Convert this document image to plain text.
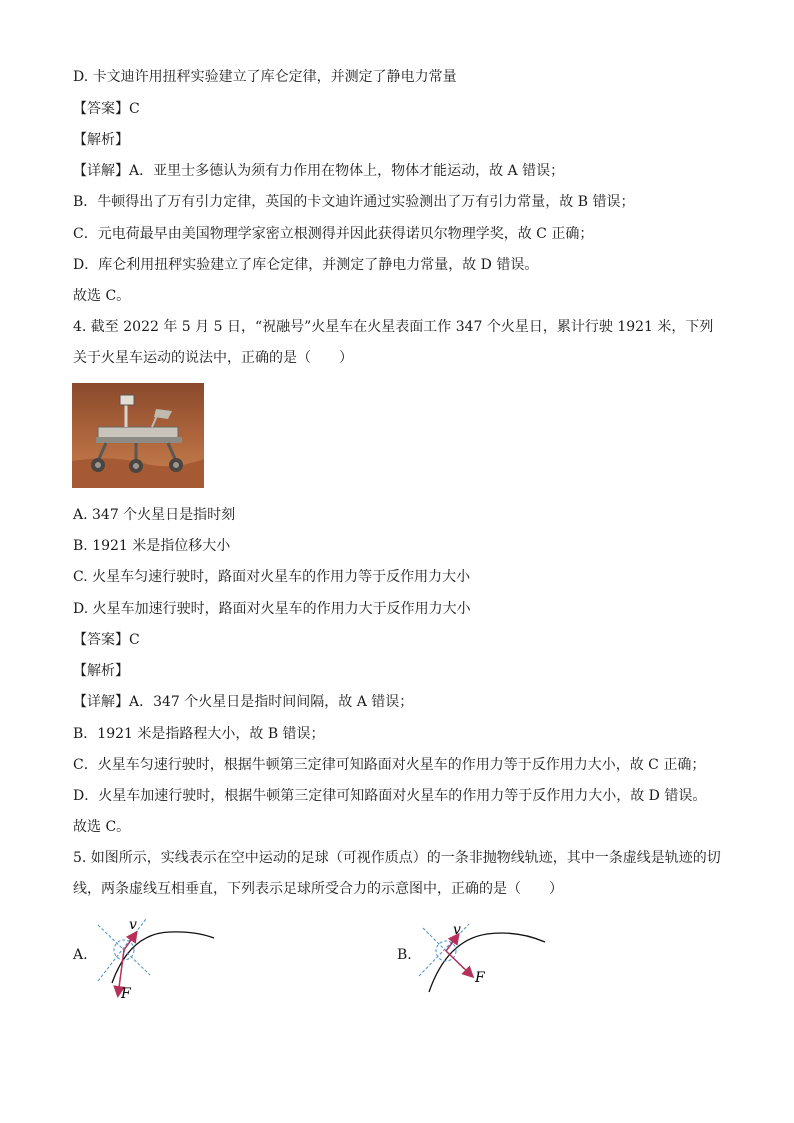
D. 卡文迪许用扭秤实验建立了库仑定律，并测定了静电力常量
【答案】C
【解析】
【详解】A．亚里士多德认为须有力作用在物体上，物体才能运动，故 A 错误；
B．牛顿得出了万有引力定律，英国的卡文迪许通过实验测出了万有引力常量，故 B 错误；
C．元电荷最早由美国物理学家密立根测得并因此获得诺贝尔物理学奖，故 C 正确；
D．库仑利用扭秤实验建立了库仑定律，并测定了静电力常量，故 D 错误。
故选 C。
4. 截至 2022 年 5 月 5 日，“祝融号”火星车在火星表面工作 347 个火星日，累计行驶 1921 米，下列关于火星车运动的说法中，正确的是（　　）
A. 347 个火星日是指时刻
B. 1921 米是指位移大小
C. 火星车匀速行驶时，路面对火星车的作用力等于反作用力大小
D. 火星车加速行驶时，路面对火星车的作用力大于反作用力大小
【答案】C
【解析】
【详解】A．347 个火星日是指时间间隔，故 A 错误；
B．1921 米是指路程大小，故 B 错误；
C．火星车匀速行驶时，根据牛顿第三定律可知路面对火星车的作用力等于反作用力大小，故 C 正确；
D．火星车加速行驶时，根据牛顿第三定律可知路面对火星车的作用力等于反作用力大小，故 D 错误。
故选 C。
5. 如图所示，实线表示在空中运动的足球（可视作质点）的一条非抛物线轨迹，其中一条虚线是轨迹的切线，两条虚线互相垂直，下列表示足球所受合力的示意图中，正确的是（　　）
A.
v
F
B.
v
F
